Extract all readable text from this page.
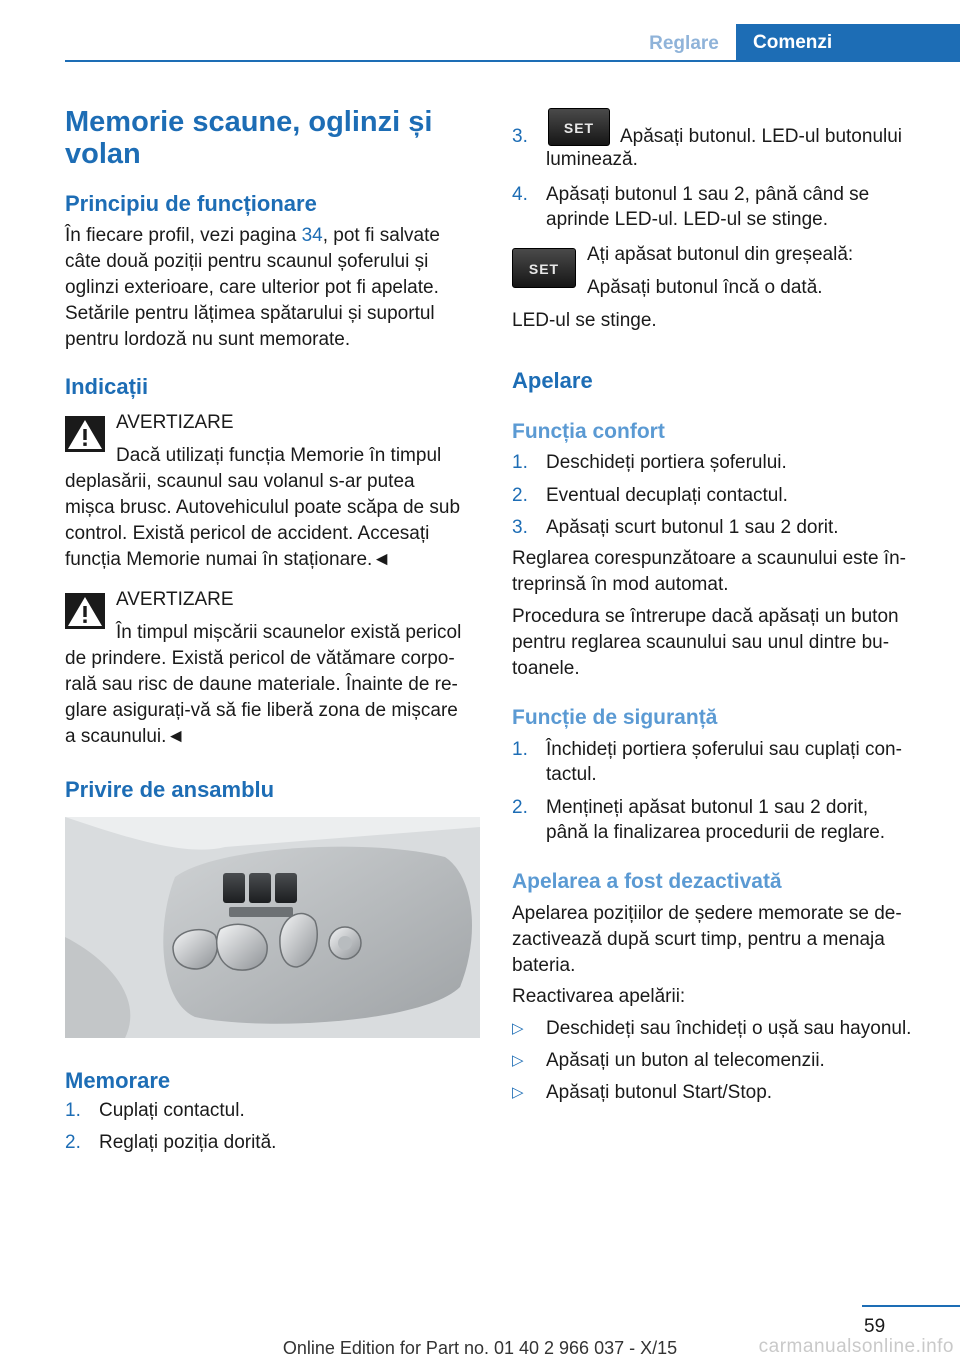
Reglare	Comenzi
Memorie scaune, oglinzi și
volan
Principiu de funcționare
În fiecare profil, vezi pagina 34, pot fi salvate
câte două poziții pentru scaunul șoferului și
oglinzi exterioare, care ulterior pot fi apelate.
Setările pentru lățimea spătarului și suportul
pentru lordoză nu sunt memorate.
Indicații
AVERTIZARE
Dacă utilizați funcția Memorie în timpul
deplasării, scaunul sau volanul s-ar putea
mișca brusc. Autovehiculul poate scăpa de sub
control. Există pericol de accident. Accesați
funcția Memorie numai în staționare.◄
AVERTIZARE
În timpul mișcării scaunelor există pericol
de prindere. Există pericol de vătămare corpo-
rală sau risc de daune materiale. Înainte de re-
glare asigurați-vă să fie liberă zona de mișcare
a scaunului.◄
Privire de ansamblu
Memorare
1. Cuplați contactul.
2. Reglați poziția dorită.
3.	Apăsați butonul. LED-ul butonului
luminează.
SET
4. Apăsați butonul 1 sau 2, până când se
aprinde LED-ul. LED-ul se stinge.
SET
Ați apăsat butonul din greșeală:
Apăsați butonul încă o dată.
LED-ul se stinge.
Apelare
Funcția confort
1. Deschideți portiera șoferului.
2. Eventual decuplați contactul.
3. Apăsați scurt butonul 1 sau 2 dorit.
Reglarea corespunzătoare a scaunului este în-
treprinsă în mod automat.
Procedura se întrerupe dacă apăsați un buton
pentru reglarea scaunului sau unul dintre bu-
toanele.
Funcție de siguranță
1. Închideți portiera șoferului sau cuplați con-
tactul.
2. Mențineți apăsat butonul 1 sau 2 dorit,
până la finalizarea procedurii de reglare.
Apelarea a fost dezactivată
Apelarea pozițiilor de ședere memorate se de-
zactivează după scurt timp, pentru a menaja
bateria.
Reactivarea apelării:
▷ Deschideți sau închideți o ușă sau hayonul.
▷ Apăsați un buton al telecomenzii.
▷ Apăsați butonul Start/Stop.
59
Online Edition for Part no. 01 40 2 966 037 - X/15	carmanualsonline.info
